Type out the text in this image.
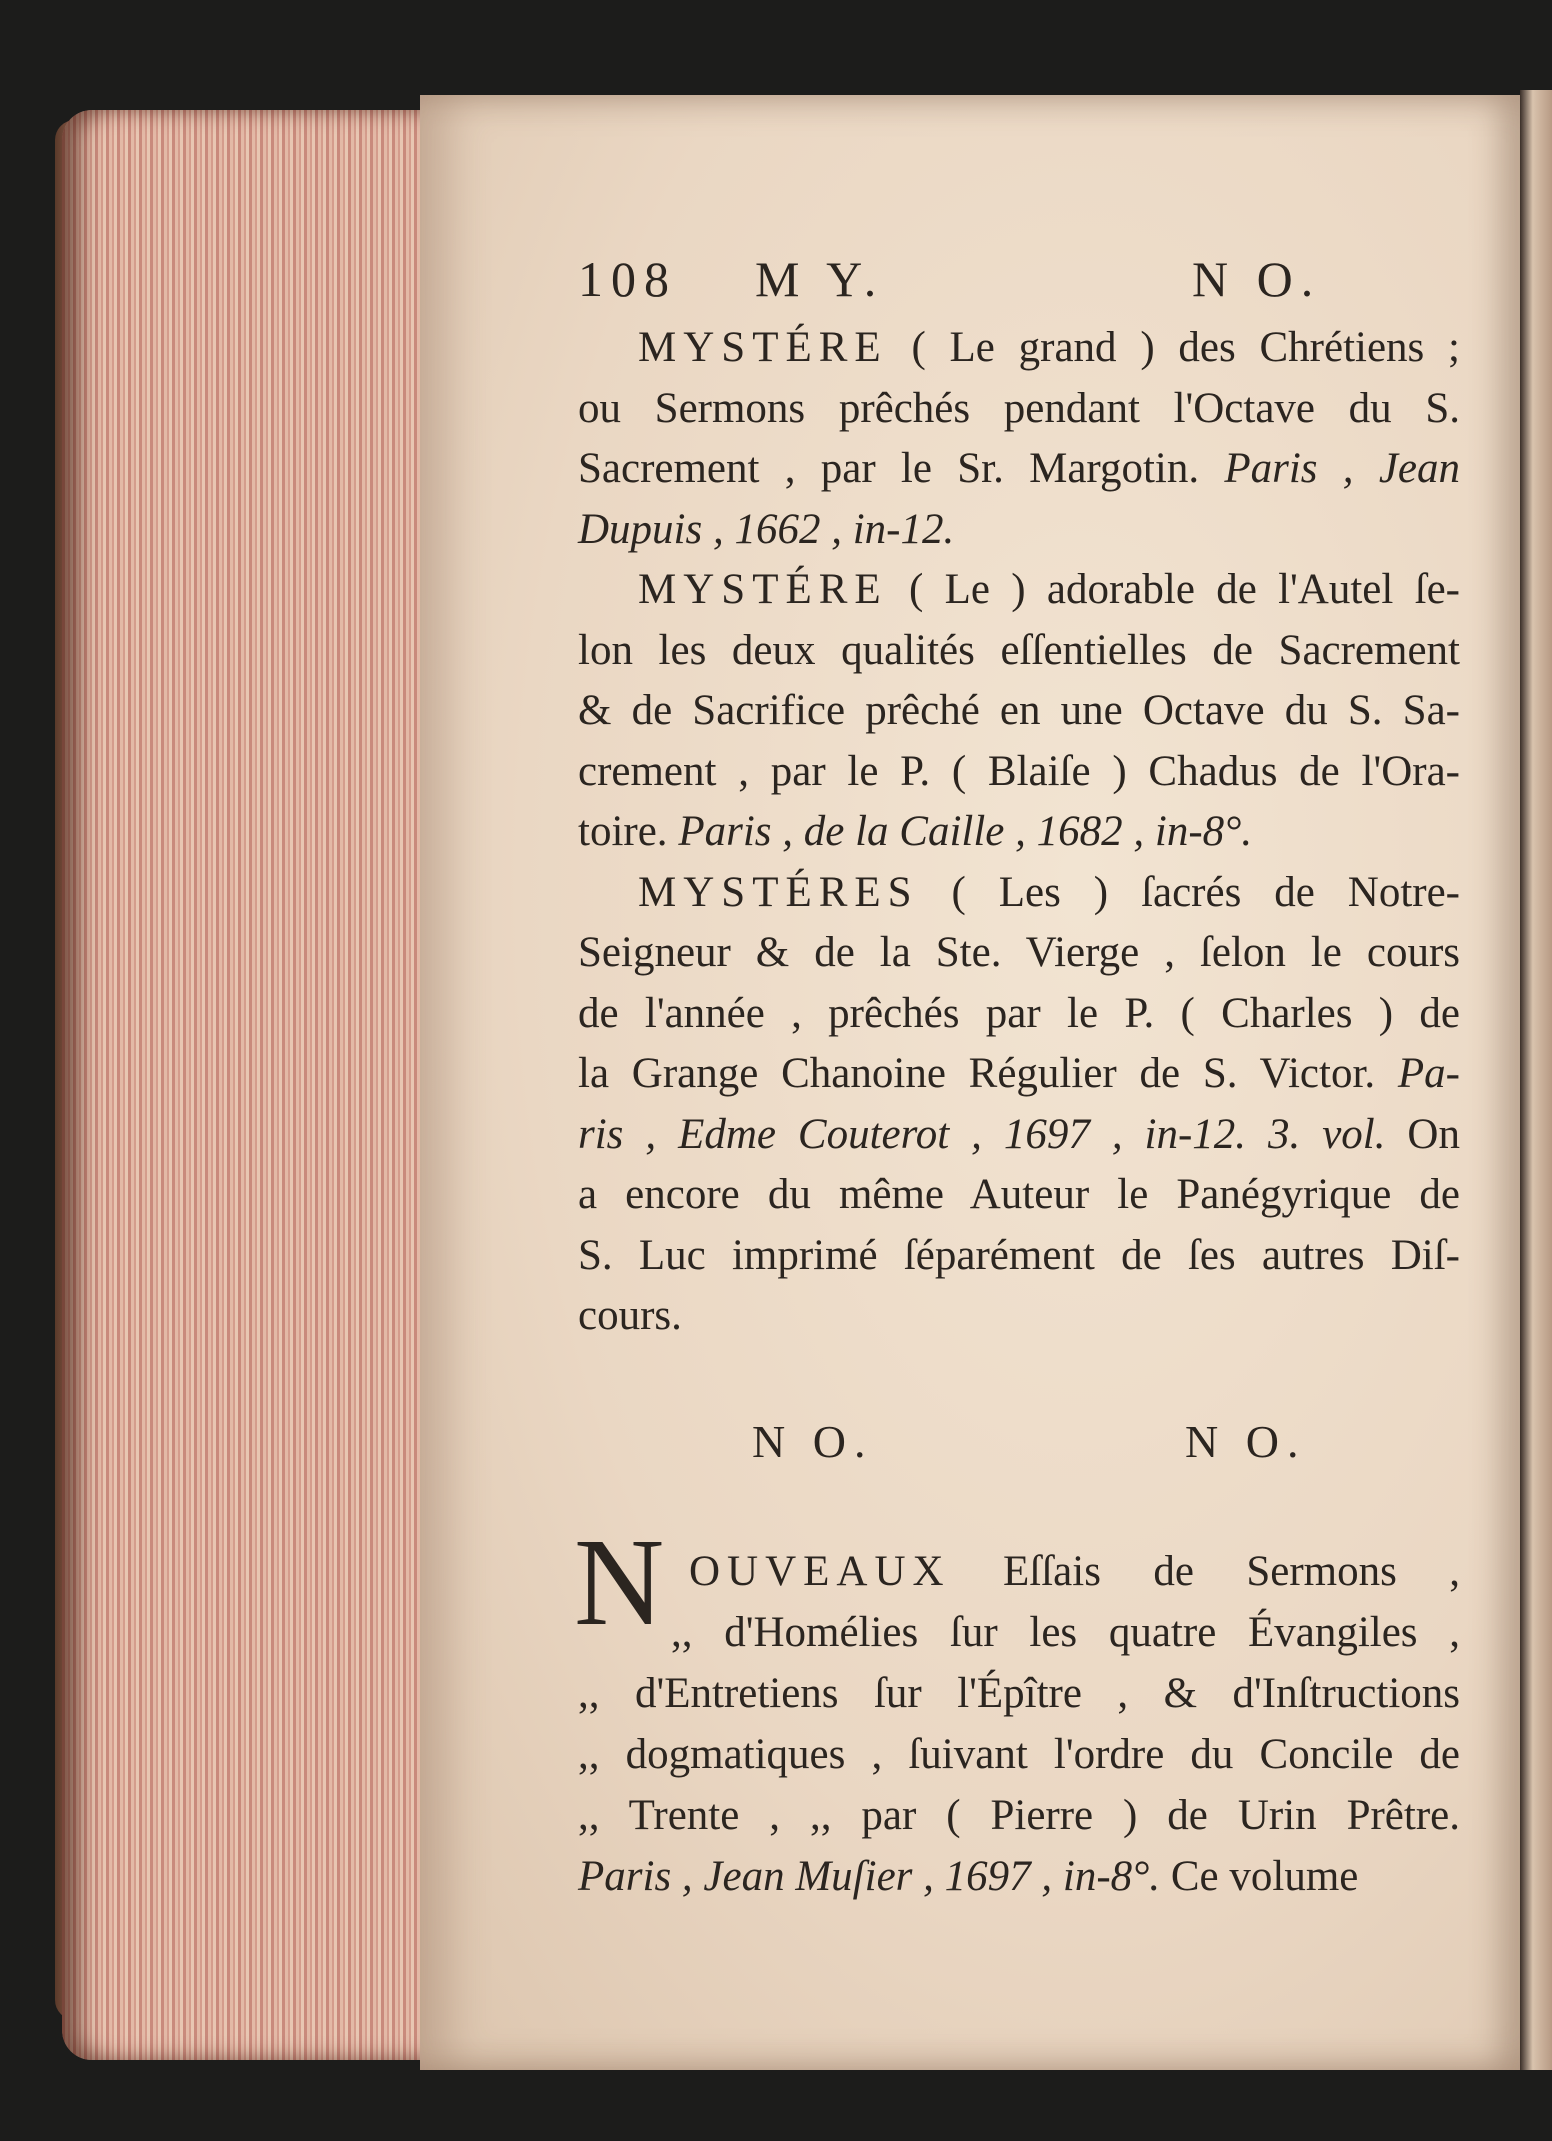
108 M Y.	N O.
MYSTÉRE ( Le grand ) des Chrétiens ;
ou Sermons prêchés pendant l'Octave du S.
Sacrement , par le Sr. Margotin. Paris , Jean
Dupuis , 1662 , in-12.
MYSTÉRE ( Le ) adorable de l'Autel ſe-
lon les deux qualités eſſentielles de Sacrement
& de Sacrifice prêché en une Octave du S. Sa-
crement , par le P. ( Blaiſe ) Chadus de l'Ora-
toire. Paris , de la Caille , 1682 , in-8°.
MYSTÉRES ( Les ) ſacrés de Notre-
Seigneur & de la Ste. Vierge , ſelon le cours
de l'année , prêchés par le P. ( Charles ) de
la Grange Chanoine Régulier de S. Victor. Pa-
ris , Edme Couterot , 1697 , in-12. 3. vol. On
a encore du même Auteur le Panégyrique de
S. Luc imprimé ſéparément de ſes autres Diſ-
cours.
N O.	N O.
N OUVEAUX Eſſais de Sermons ,
,, d'Homélies ſur les quatre Évangiles ,
,, d'Entretiens ſur l'Épître , & d'Inſtructions
,, dogmatiques , ſuivant l'ordre du Concile de
,, Trente , ,, par ( Pierre ) de Urin Prêtre.
Paris , Jean Muſier , 1697 , in-8°. Ce volume
